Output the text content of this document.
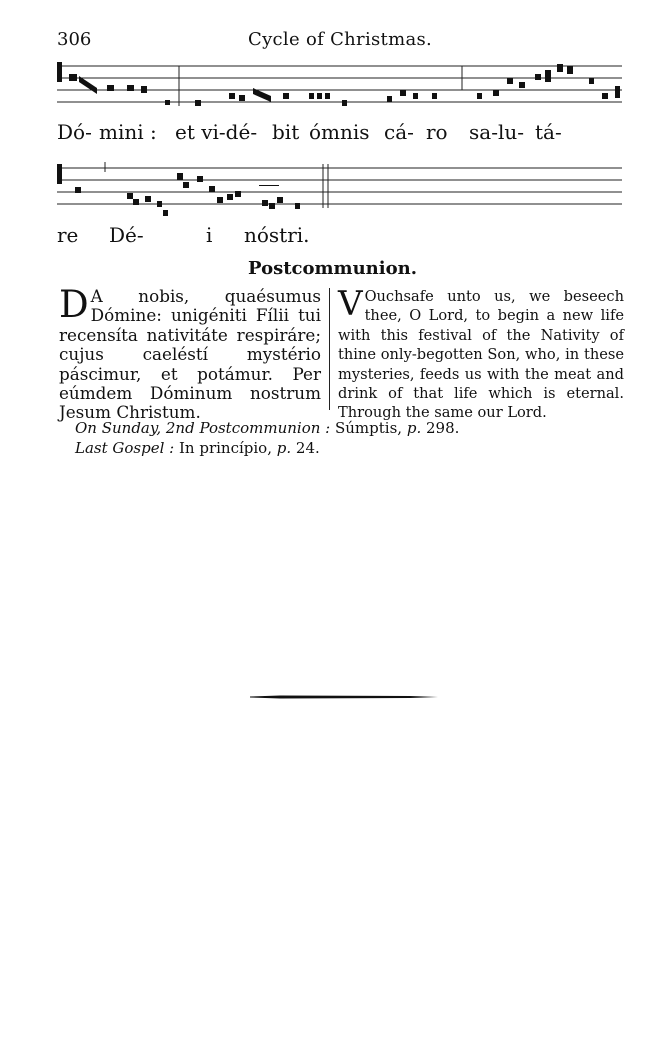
306	Cycle of Christmas.
Dó- mini : et vi-dé- bit ómnis cá- ro sa-lu- tá-
re Dé-	i nóstri.
Postcommunion.
D A nobis, quaésumus Dómine: unigéniti Fílii tui recensíta nativitáte respiráre; cujus caeléstí mystério páscimur, et potámur. Per eúmdem Dóminum nostrum Jesum Christum.
V Ouchsafe unto us, we beseech thee, O Lord, to begin a new life with this festival of the Nativity of thine only-begotten Son, who, in these mysteries, feeds us with the meat and drink of that life which is eternal. Through the same our Lord.
On Sunday, 2nd Postcommunion : Súmptis, p. 298.
Last Gospel : In princípio, p. 24.
